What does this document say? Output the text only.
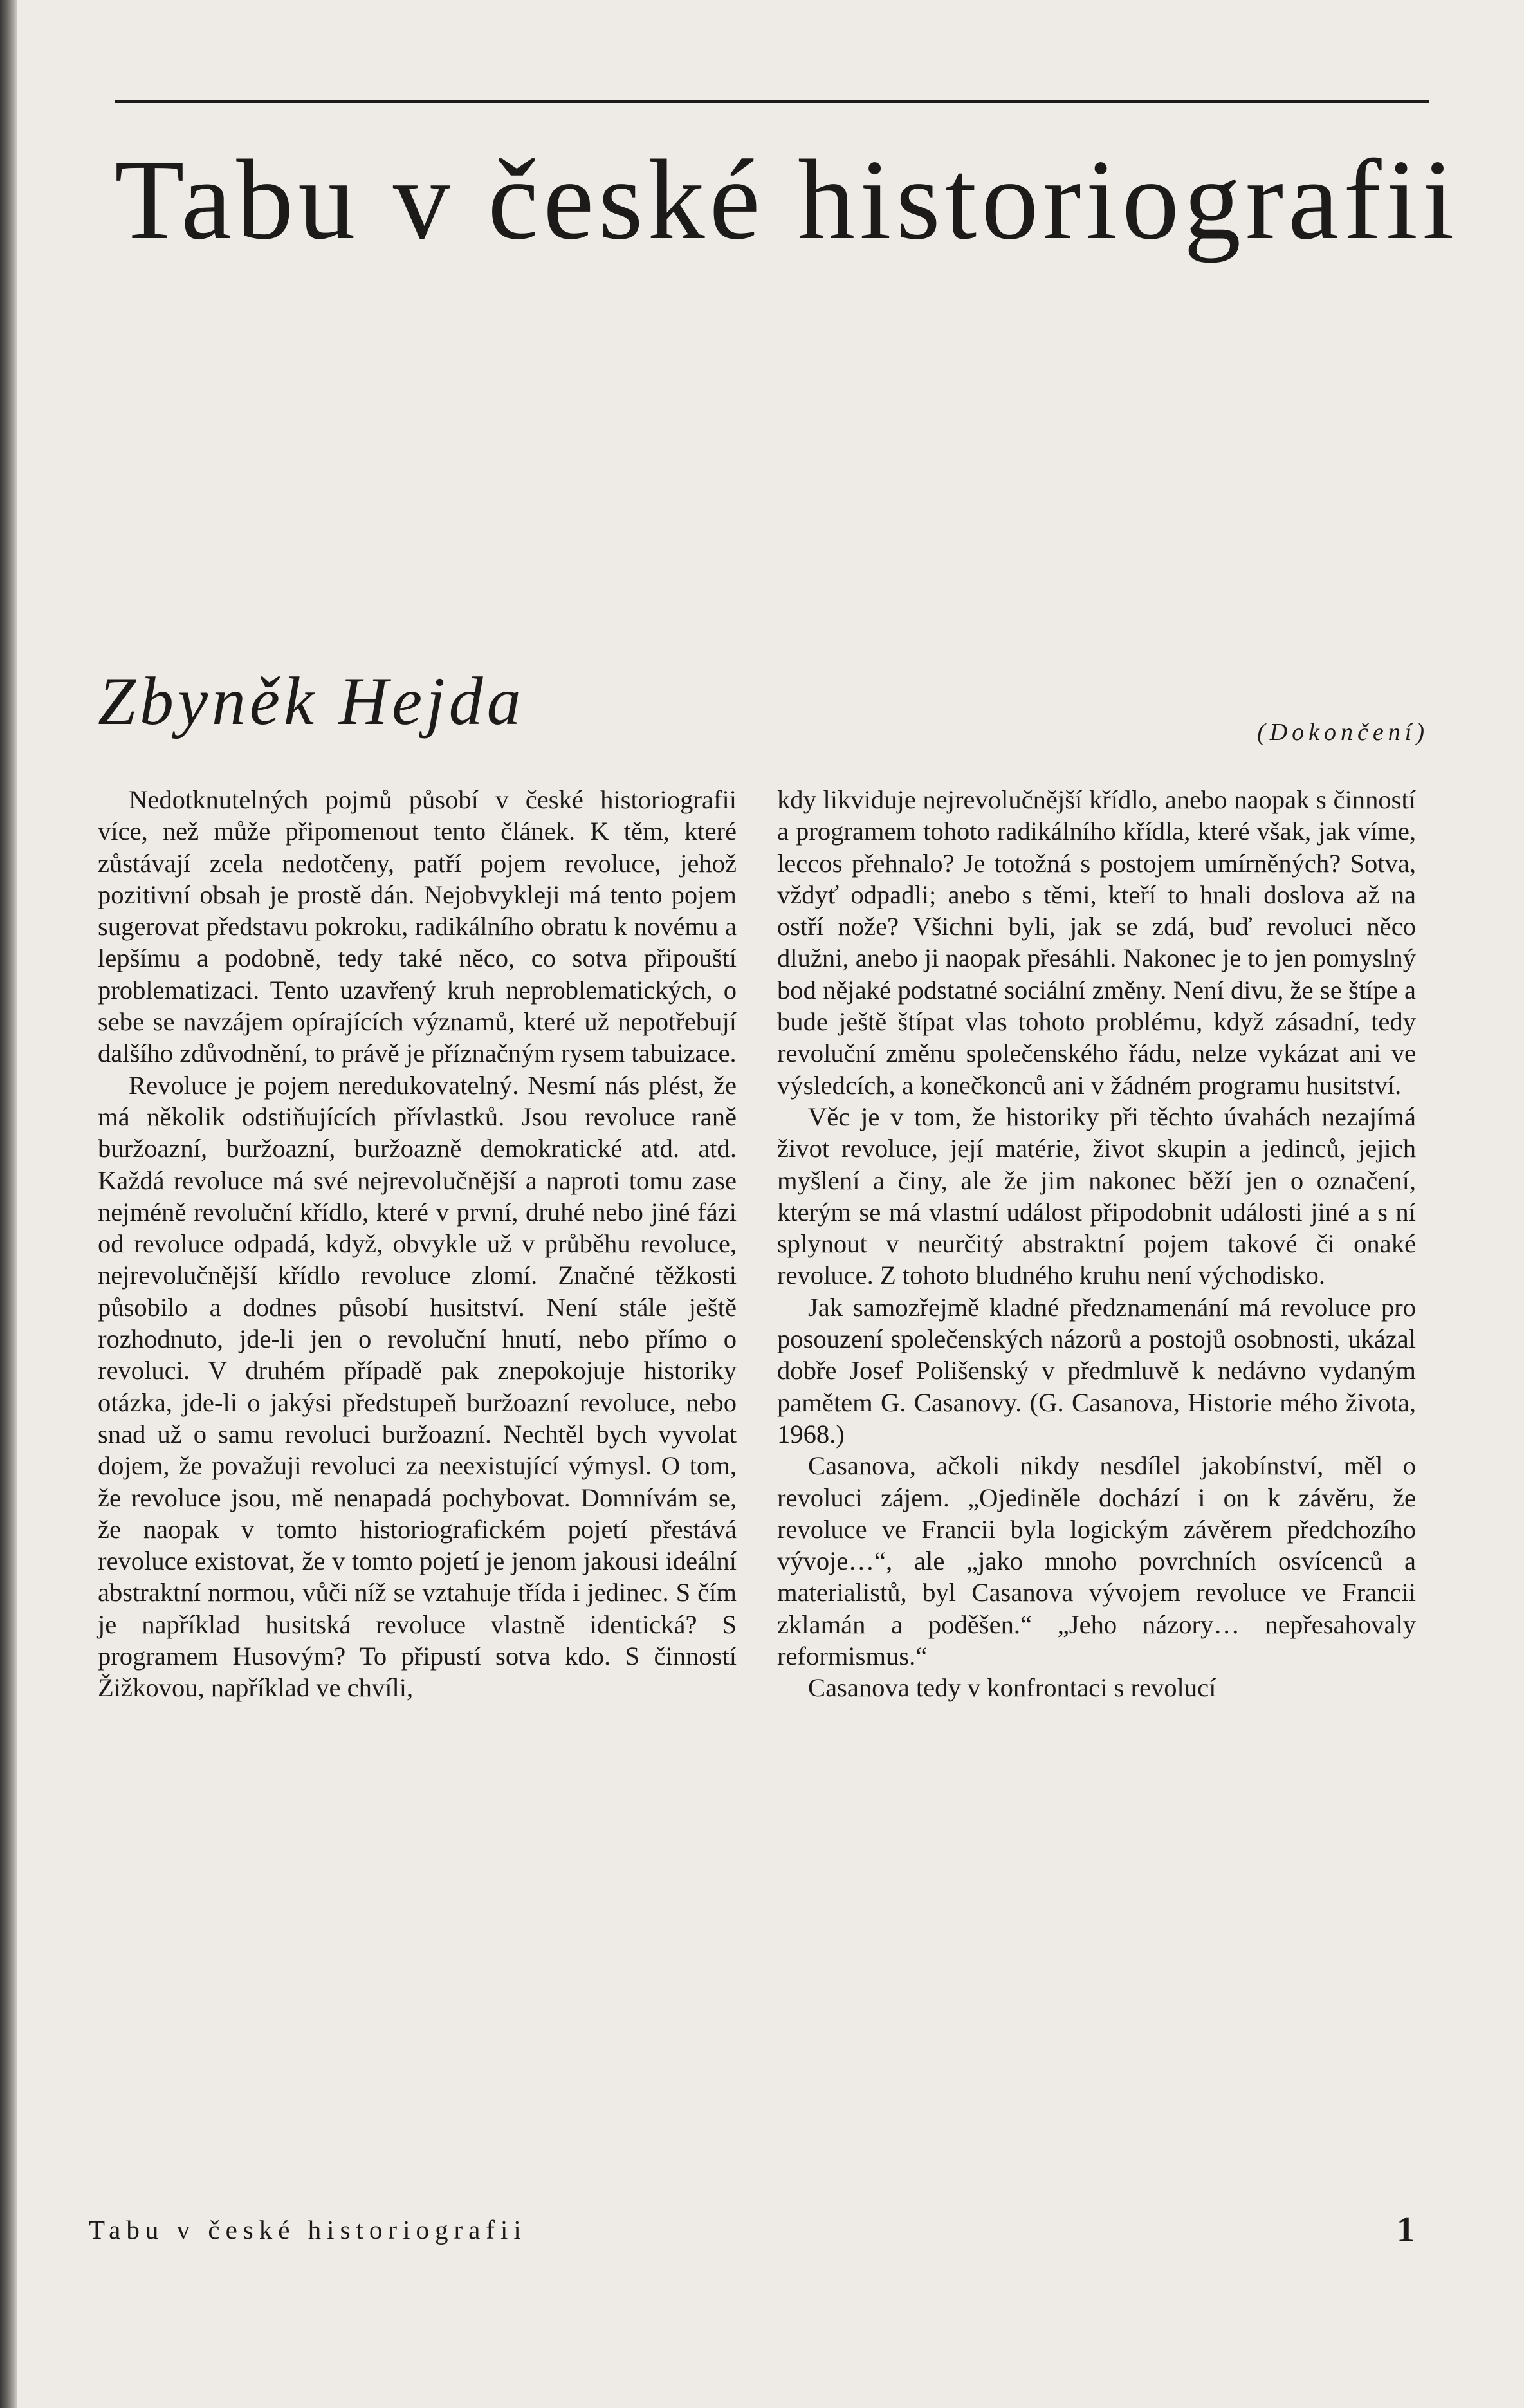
Tabu v české historiografii
Zbyněk Hejda	(Dokončení)

Nedotknutelných pojmů působí v české historiografii více, než může připomenout tento článek. K těm, které zůstávají zcela nedotčeny, patří pojem revoluce, jehož pozitivní obsah je prostě dán. Nejobvykleji má tento pojem sugerovat představu pokroku, radikálního obratu k novému a lepšímu a podobně, tedy také něco, co sotva připouští problematizaci. Tento uzavřený kruh neproblematických, o sebe se navzájem opírajících významů, které už nepotřebují dalšího zdůvodnění, to právě je příznačným rysem tabuizace.

Revoluce je pojem neredukovatelný. Nesmí nás plést, že má několik odstiňujících přívlastků. Jsou revoluce raně buržoazní, buržoazní, buržoazně demokratické atd. atd. Každá revoluce má své nejrevolučnější a naproti tomu zase nejméně revoluční křídlo, které v první, druhé nebo jiné fázi od revoluce odpadá, když, obvykle už v průběhu revoluce, nejrevolučnější křídlo revoluce zlomí. Značné těžkosti působilo a dodnes působí husitství. Není stále ještě rozhodnuto, jde-li jen o revoluční hnutí, nebo přímo o revoluci. V druhém případě pak znepokojuje historiky otázka, jde-li o jakýsi předstupeň buržoazní revoluce, nebo snad už o samu revoluci buržoazní. Nechtěl bych vyvolat dojem, že považuji revoluci za neexistující výmysl. O tom, že revoluce jsou, mě nenapadá pochybovat. Domnívám se, že naopak v tomto historiografickém pojetí přestává revoluce existovat, že v tomto pojetí je jenom jakousi ideální abstraktní normou, vůči níž se vztahuje třída i jedinec. S čím je například husitská revoluce vlastně identická? S programem Husovým? To připustí sotva kdo. S činností Žižkovou, například ve chvíli,

kdy likviduje nejrevolučnější křídlo, anebo naopak s činností a programem tohoto radikálního křídla, které však, jak víme, leccos přehnalo? Je totožná s postojem umírněných? Sotva, vždyť odpadli; anebo s těmi, kteří to hnali doslova až na ostří nože? Všichni byli, jak se zdá, buď revoluci něco dlužni, anebo ji naopak přesáhli. Nakonec je to jen pomyslný bod nějaké podstatné sociální změny. Není divu, že se štípe a bude ještě štípat vlas tohoto problému, když zásadní, tedy revoluční změnu společenského řádu, nelze vykázat ani ve výsledcích, a konečkonců ani v žádném programu husitství.

Věc je v tom, že historiky při těchto úvahách nezajímá život revoluce, její matérie, život skupin a jedinců, jejich myšlení a činy, ale že jim nakonec běží jen o označení, kterým se má vlastní událost připodobnit události jiné a s ní splynout v neurčitý abstraktní pojem takové či onaké revoluce. Z tohoto bludného kruhu není východisko.

Jak samozřejmě kladné předznamenání má revoluce pro posouzení společenských názorů a postojů osobnosti, ukázal dobře Josef Polišenský v předmluvě k nedávno vydaným pamětem G. Casanovy. (G. Casanova, Historie mého života, 1968.)

Casanova, ačkoli nikdy nesdílel jakobínství, měl o revoluci zájem. „Ojediněle dochází i on k závěru, že revoluce ve Francii byla logickým závěrem předchozího vývoje…“, ale „jako mnoho povrchních osvícenců a materialistů, byl Casanova vývojem revoluce ve Francii zklamán a poděšen.“ „Jeho názory… nepřesahovaly reformismus.“

Casanova tedy v konfrontaci s revolucí

Tabu v české historiografii	1
